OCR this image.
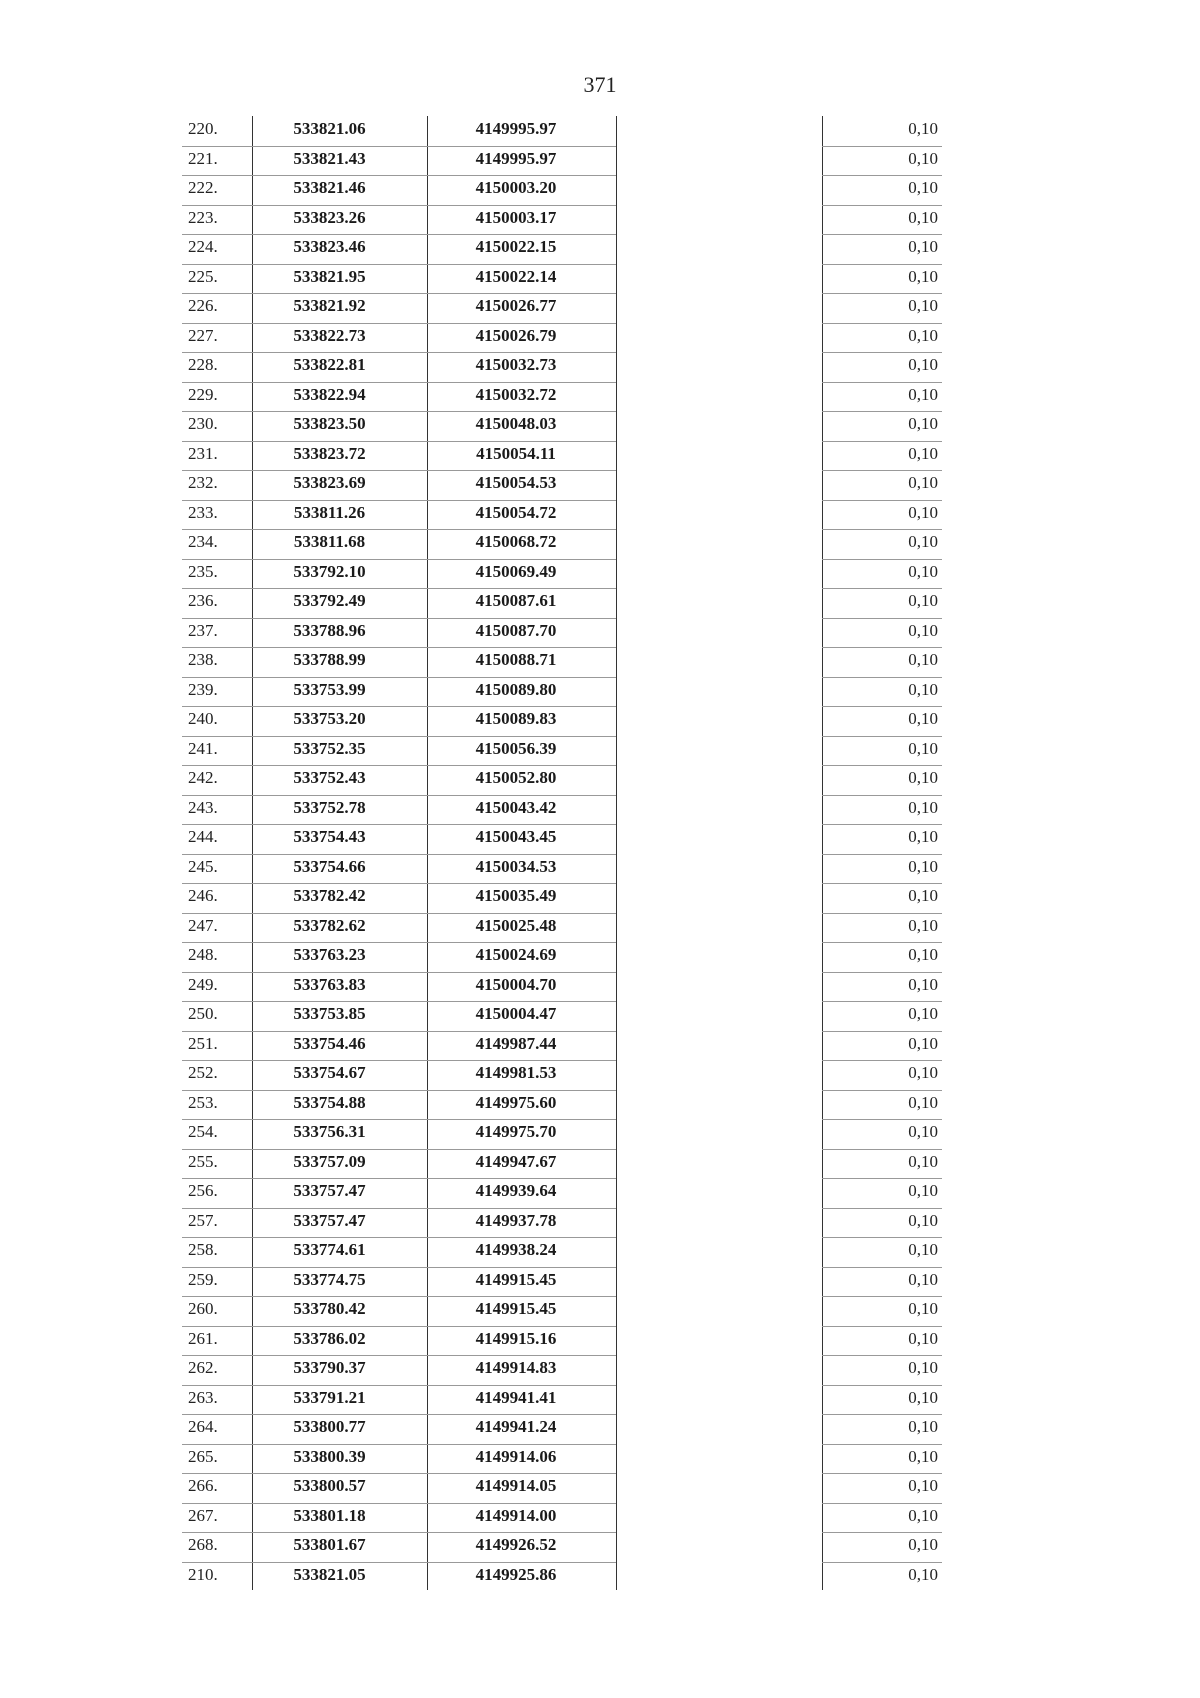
371
220.	533821.06	4149995.97	0,10
221.	533821.43	4149995.97	0,10
222.	533821.46	4150003.20	0,10
223.	533823.26	4150003.17	0,10
224.	533823.46	4150022.15	0,10
225.	533821.95	4150022.14	0,10
226.	533821.92	4150026.77	0,10
227.	533822.73	4150026.79	0,10
228.	533822.81	4150032.73	0,10
229.	533822.94	4150032.72	0,10
230.	533823.50	4150048.03	0,10
231.	533823.72	4150054.11	0,10
232.	533823.69	4150054.53	0,10
233.	533811.26	4150054.72	0,10
234.	533811.68	4150068.72	0,10
235.	533792.10	4150069.49	0,10
236.	533792.49	4150087.61	0,10
237.	533788.96	4150087.70	0,10
238.	533788.99	4150088.71	0,10
239.	533753.99	4150089.80	0,10
240.	533753.20	4150089.83	0,10
241.	533752.35	4150056.39	0,10
242.	533752.43	4150052.80	0,10
243.	533752.78	4150043.42	0,10
244.	533754.43	4150043.45	0,10
245.	533754.66	4150034.53	0,10
246.	533782.42	4150035.49	0,10
247.	533782.62	4150025.48	0,10
248.	533763.23	4150024.69	0,10
249.	533763.83	4150004.70	0,10
250.	533753.85	4150004.47	0,10
251.	533754.46	4149987.44	0,10
252.	533754.67	4149981.53	0,10
253.	533754.88	4149975.60	0,10
254.	533756.31	4149975.70	0,10
255.	533757.09	4149947.67	0,10
256.	533757.47	4149939.64	0,10
257.	533757.47	4149937.78	0,10
258.	533774.61	4149938.24	0,10
259.	533774.75	4149915.45	0,10
260.	533780.42	4149915.45	0,10
261.	533786.02	4149915.16	0,10
262.	533790.37	4149914.83	0,10
263.	533791.21	4149941.41	0,10
264.	533800.77	4149941.24	0,10
265.	533800.39	4149914.06	0,10
266.	533800.57	4149914.05	0,10
267.	533801.18	4149914.00	0,10
268.	533801.67	4149926.52	0,10
210.	533821.05	4149925.86	0,10
